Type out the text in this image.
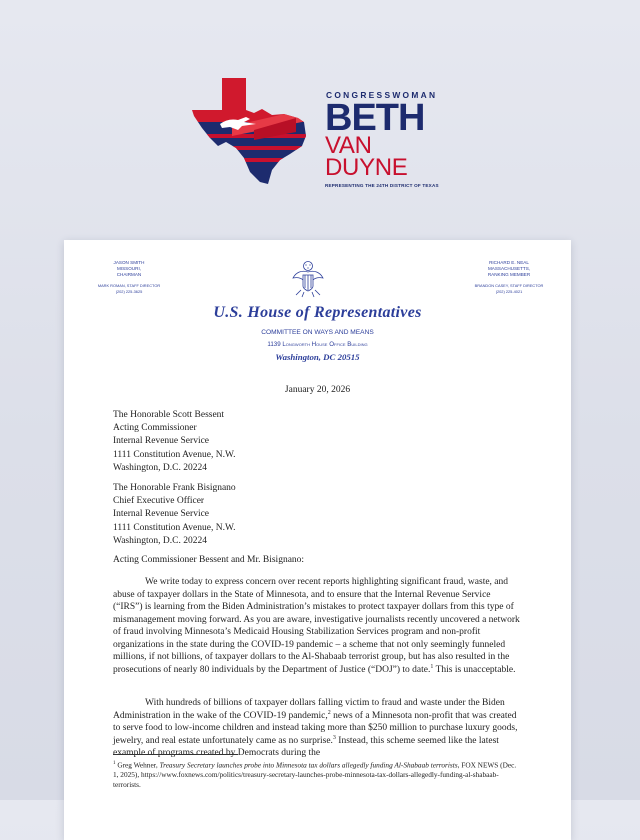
CONGRESSWOMAN
BETH
VAN DUYNE
REPRESENTING THE 24TH DISTRICT OF TEXAS
JASON SMITH
MISSOURI,
CHAIRMAN
MARK ROMAN, STAFF DIRECTOR
(202) 225-3625
RICHARD E. NEAL
MASSACHUSETTS,
RANKING MEMBER
BRANDON CASEY, STAFF DIRECTOR
(202) 225-4021
U.S. House of Representatives
COMMITTEE ON WAYS AND MEANS
1139 Longworth House Office Building
Washington, DC 20515
January 20, 2026
The Honorable Scott Bessent
Acting Commissioner
Internal Revenue Service
1111 Constitution Avenue, N.W.
Washington, D.C. 20224
The Honorable Frank Bisignano
Chief Executive Officer
Internal Revenue Service
1111 Constitution Avenue, N.W.
Washington, D.C. 20224
Acting Commissioner Bessent and Mr. Bisignano:

We write today to express concern over recent reports highlighting significant fraud, waste, and abuse of taxpayer dollars in the State of Minnesota, and to ensure that the Internal Revenue Service (“IRS”) is learning from the Biden Administration’s mistakes to protect taxpayer dollars from this type of mismanagement moving forward. As you are aware, investigative journalists recently uncovered a network of fraud involving Minnesota’s Medicaid Housing Stabilization Services program and non-profit organizations in the state during the COVID-19 pandemic – a scheme that not only seemingly funneled millions, if not billions, of taxpayer dollars to the Al-Shabaab terrorist group, but has also resulted in the prosecutions of nearly 80 individuals by the Department of Justice (“DOJ”) to date.$^1$ This is unacceptable.

With hundreds of billions of taxpayer dollars falling victim to fraud and waste under the Biden Administration in the wake of the COVID-19 pandemic,$^2$ news of a Minnesota non-profit that was created to serve food to low-income children and instead taking more than $250 million to purchase luxury goods, jewelry, and real estate unfortunately came as no surprise.$^3$ Instead, this scheme seemed like the latest example of programs created by Democrats during the

$^1$ Greg Wehner, Treasury Secretary launches probe into Minnesota tax dollars allegedly funding Al-Shabaab terrorists, FOX NEWS (Dec. 1, 2025), https://www.foxnews.com/politics/treasury-secretary-launches-probe-minnesota-tax-dollars-allegedly-funding-al-shabaab-terrorists.
